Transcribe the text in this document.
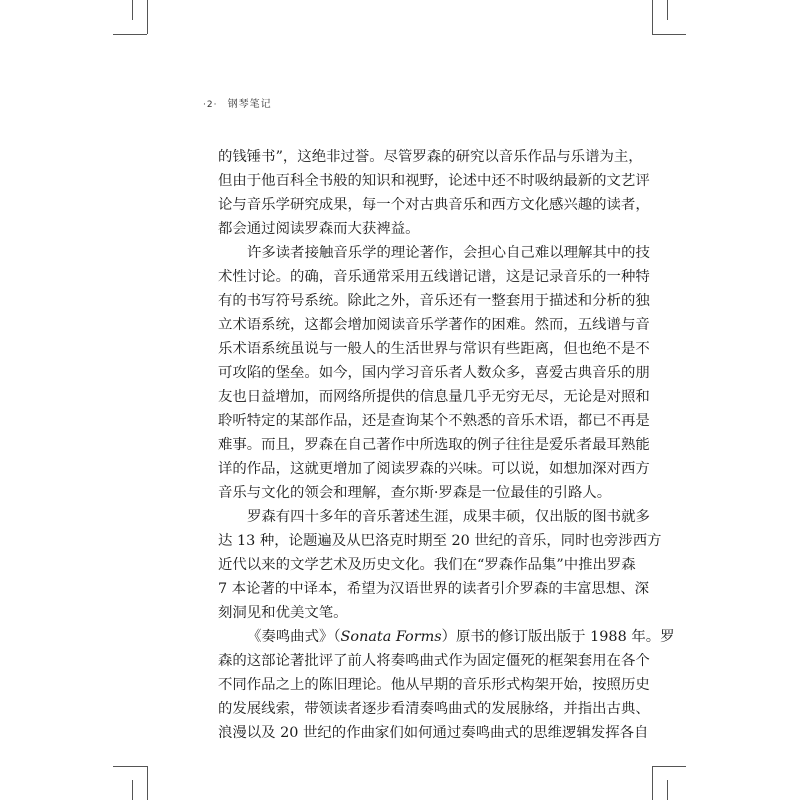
·2· 钢琴笔记
的钱锤书”，这绝非过誉。尽管罗森的研究以音乐作品与乐谱为主，
但由于他百科全书般的知识和视野，论述中还不时吸纳最新的文艺评
论与音乐学研究成果，每一个对古典音乐和西方文化感兴趣的读者，
都会通过阅读罗森而大获裨益。
许多读者接触音乐学的理论著作，会担心自己难以理解其中的技
术性讨论。的确，音乐通常采用五线谱记谱，这是记录音乐的一种特
有的书写符号系统。除此之外，音乐还有一整套用于描述和分析的独
立术语系统，这都会增加阅读音乐学著作的困难。然而，五线谱与音
乐术语系统虽说与一般人的生活世界与常识有些距离，但也绝不是不
可攻陷的堡垒。如今，国内学习音乐者人数众多，喜爱古典音乐的朋
友也日益增加，而网络所提供的信息量几乎无穷无尽，无论是对照和
聆听特定的某部作品，还是查询某个不熟悉的音乐术语，都已不再是
难事。而且，罗森在自己著作中所选取的例子往往是爱乐者最耳熟能
详的作品，这就更增加了阅读罗森的兴味。可以说，如想加深对西方
音乐与文化的领会和理解，查尔斯·罗森是一位最佳的引路人。
罗森有四十多年的音乐著述生涯，成果丰硕，仅出版的图书就多
达 13 种，论题遍及从巴洛克时期至 20 世纪的音乐，同时也旁涉西方
近代以来的文学艺术及历史文化。我们在“罗森作品集”中推出罗森
7 本论著的中译本，希望为汉语世界的读者引介罗森的丰富思想、深
刻洞见和优美文笔。
《奏鸣曲式》（Sonata Forms）原书的修订版出版于 1988 年。罗
森的这部论著批评了前人将奏鸣曲式作为固定僵死的框架套用在各个
不同作品之上的陈旧理论。他从早期的音乐形式构架开始，按照历史
的发展线索，带领读者逐步看清奏鸣曲式的发展脉络，并指出古典、
浪漫以及 20 世纪的作曲家们如何通过奏鸣曲式的思维逻辑发挥各自
